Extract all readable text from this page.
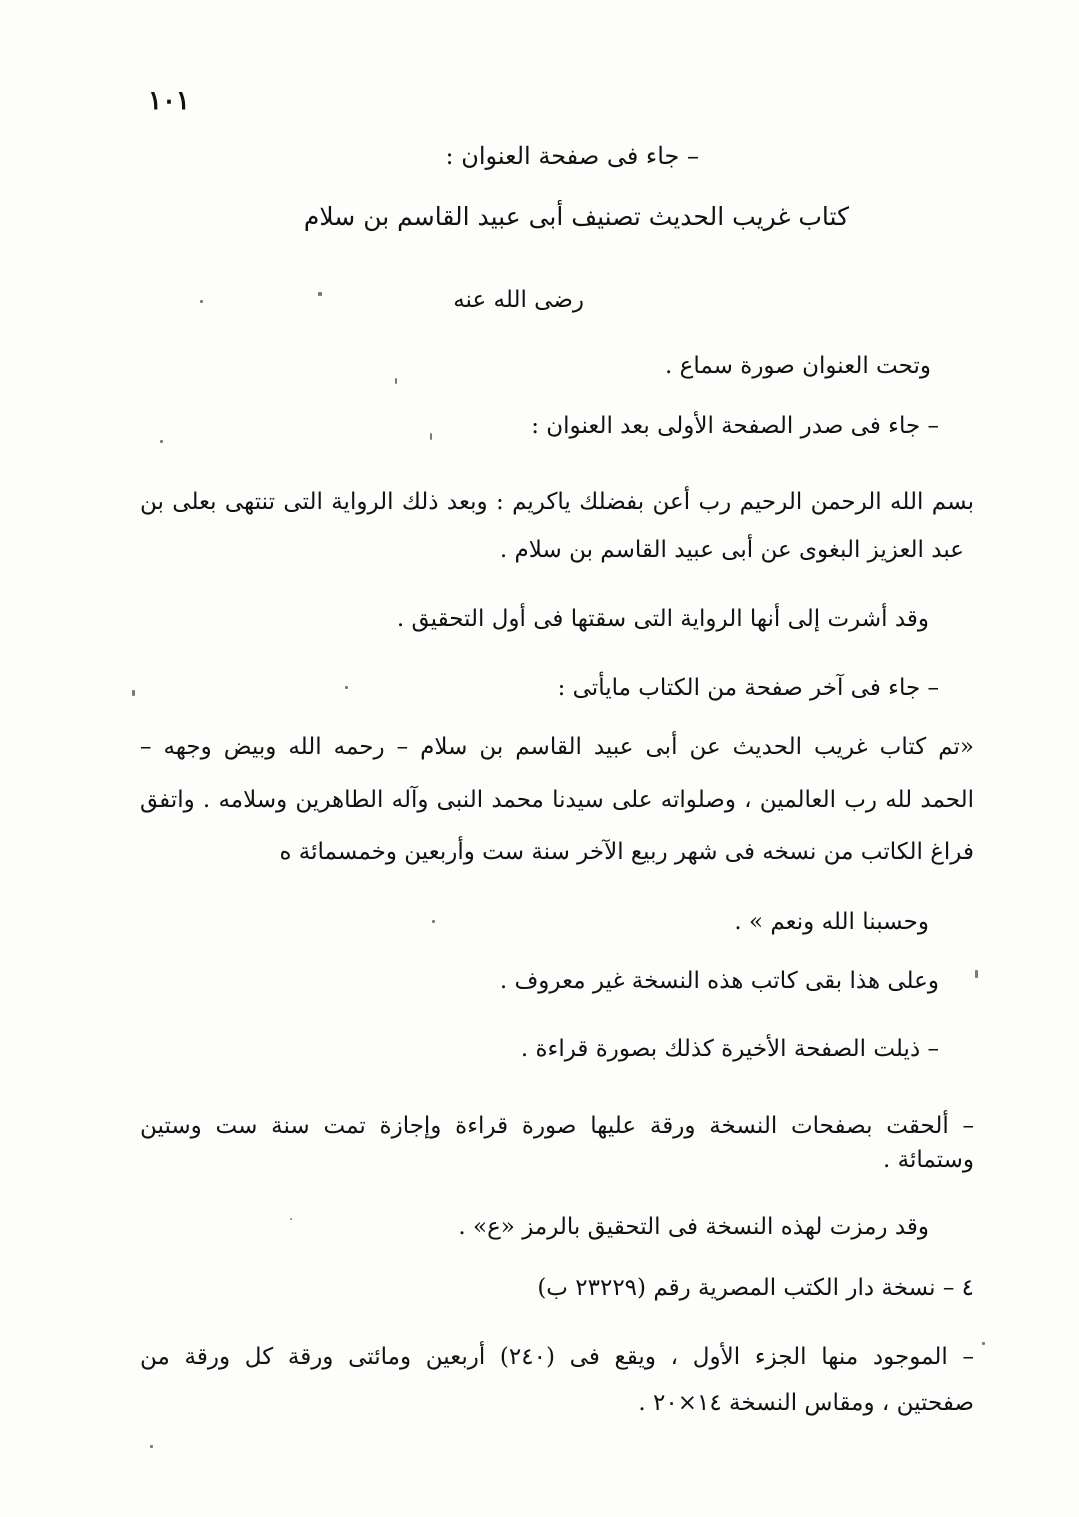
١٠١
– جاء فى صفحة العنوان :
كتاب غريب الحديث تصنيف أبى عبيد القاسم بن سلام
رضى الله عنه
وتحت العنوان صورة سماع .
– جاء فى صدر الصفحة الأولى بعد العنوان :
بسم الله الرحمن الرحيم رب أعن بفضلك ياكريم : وبعد ذلك الرواية التى تنتهى بعلى بن
عبد العزيز البغوى عن أبى عبيد القاسم بن سلام .
وقد أشرت إلى أنها الرواية التى سقتها فى أول التحقيق .
– جاء فى آخر صفحة من الكتاب مايأتى :
«تم كتاب غريب الحديث عن أبى عبيد القاسم بن سلام – رحمه الله وبيض وجهه –
الحمد لله رب العالمين ، وصلواته على سيدنا محمد النبى وآله الطاهرين وسلامه . واتفق
فراغ الكاتب من نسخه فى شهر ربيع الآخر سنة ست وأربعين وخمسمائة ه
وحسبنا الله ونعم » .
وعلى هذا بقى كاتب هذه النسخة غير معروف .
– ذيلت الصفحة الأخيرة كذلك بصورة قراءة .
– ألحقت بصفحات النسخة ورقة عليها صورة قراءة وإجازة تمت سنة ست وستين
وستمائة .
وقد رمزت لهذه النسخة فى التحقيق بالرمز «ع» .
٤ – نسخة دار الكتب المصرية رقم (٢٣٢٢٩ ب)
– الموجود منها الجزء الأول ، ويقع فى (٢٤٠) أربعين ومائتى ورقة كل ورقة من
صفحتين ، ومقاس النسخة ١٤×٢٠ .
